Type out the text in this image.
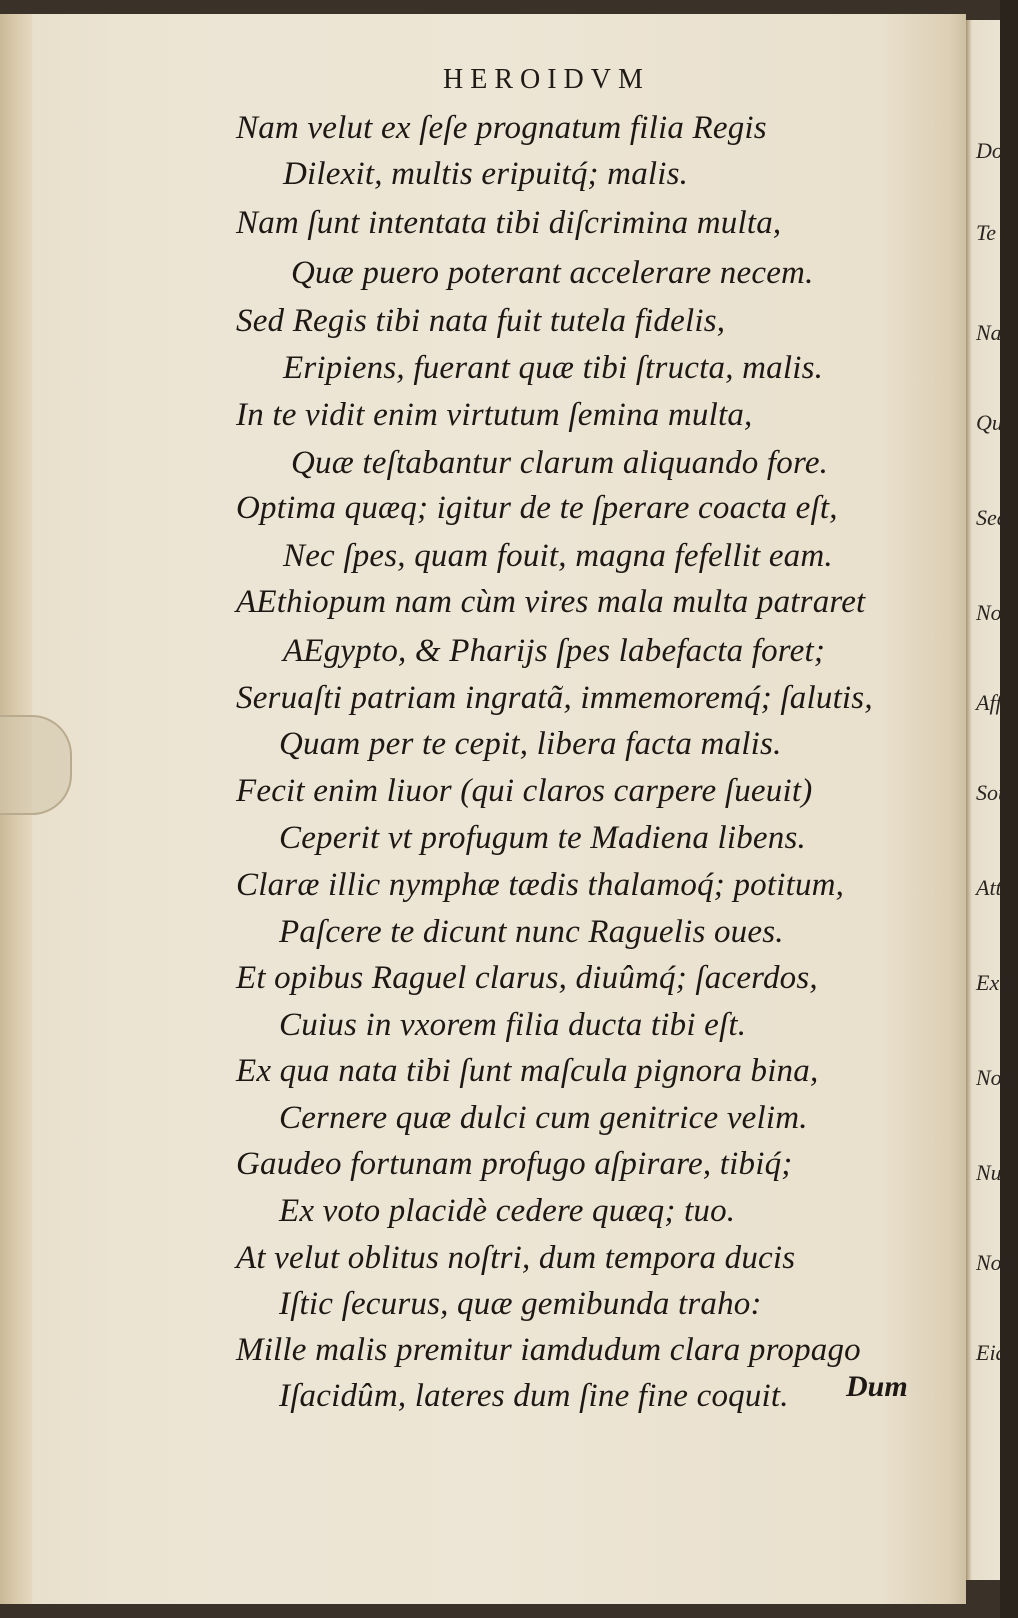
Do
Te
Na
Qu
Sed
No
Aff
Sou
Att
Exig
Nom
Nu
Non
Eia
HEROIDVM
Nam velut ex ſeſe prognatum filia Regis
Dilexit, multis eripuitq́; malis.
Nam ſunt intentata tibi diſcrimina multa,
Quæ puero poterant accelerare necem.
Sed Regis tibi nata fuit tutela fidelis,
Eripiens, fuerant quæ tibi ſtructa, malis.
In te vidit enim virtutum ſemina multa,
Quæ teſtabantur clarum aliquando fore.
Optima quæq; igitur de te ſperare coacta eſt,
Nec ſpes, quam fouit, magna fefellit eam.
AEthiopum nam cùm vires mala multa patraret
AEgypto, & Pharijs ſpes labefacta foret;
Seruaſti patriam ingratã, immemoremq́; ſalutis,
Quam per te cepit, libera facta malis.
Fecit enim liuor (qui claros carpere ſueuit)
Ceperit vt profugum te Madiena libens.
Claræ illic nymphæ tædis thalamoq́; potitum,
Paſcere te dicunt nunc Raguelis oues.
Et opibus Raguel clarus, diuûmq́; ſacerdos,
Cuius in vxorem filia ducta tibi eſt.
Ex qua nata tibi ſunt maſcula pignora bina,
Cernere quæ dulci cum genitrice velim.
Gaudeo fortunam profugo aſpirare, tibiq́;
Ex voto placidè cedere quæq; tuo.
At velut oblitus noſtri, dum tempora ducis
Iſtic ſecurus, quæ gemibunda traho:
Mille malis premitur iamdudum clara propago
Iſacidûm, lateres dum ſine fine coquit. Dum
